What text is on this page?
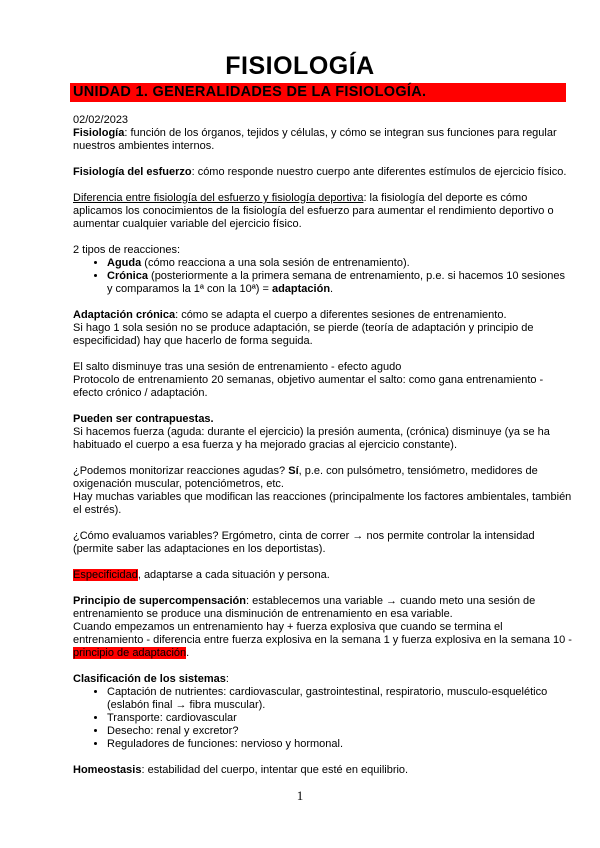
FISIOLOGÍA
UNIDAD 1. GENERALIDADES DE LA FISIOLOGÍA.

02/02/2023

Fisiología: función de los órganos, tejidos y células, y cómo se integran sus funciones para regular nuestros ambientes internos.

Fisiología del esfuerzo: cómo responde nuestro cuerpo ante diferentes estímulos de ejercicio físico.

Diferencia entre fisiología del esfuerzo y fisiología deportiva: la fisiología del deporte es cómo aplicamos los conocimientos de la fisiología del esfuerzo para aumentar el rendimiento deportivo o aumentar cualquier variable del ejercicio físico.

2 tipos de reacciones:

• Aguda (cómo reacciona a una sola sesión de entrenamiento).
• Crónica (posteriormente a la primera semana de entrenamiento, p.e. si hacemos 10 sesiones y comparamos la 1ª con la 10ª) = adaptación.

Adaptación crónica: cómo se adapta el cuerpo a diferentes sesiones de entrenamiento.
Si hago 1 sola sesión no se produce adaptación, se pierde (teoría de adaptación y principio de especificidad) hay que hacerlo de forma seguida.

El salto disminuye tras una sesión de entrenamiento - efecto agudo
Protocolo de entrenamiento 20 semanas, objetivo aumentar el salto: como gana entrenamiento - efecto crónico / adaptación.

Pueden ser contrapuestas.
Si hacemos fuerza (aguda: durante el ejercicio) la presión aumenta, (crónica) disminuye (ya se ha habituado el cuerpo a esa fuerza y ha mejorado gracias al ejercicio constante).

¿Podemos monitorizar reacciones agudas? Sí, p.e. con pulsómetro, tensiómetro, medidores de oxigenación muscular, potenciómetros, etc.
Hay muchas variables que modifican las reacciones (principalmente los factores ambientales, también el estrés).

¿Cómo evaluamos variables? Ergómetro, cinta de correr → nos permite controlar la intensidad (permite saber las adaptaciones en los deportistas).

Especificidad, adaptarse a cada situación y persona.

Principio de supercompensación: establecemos una variable → cuando meto una sesión de entrenamiento se produce una disminución de entrenamiento en esa variable.
Cuando empezamos un entrenamiento hay + fuerza explosiva que cuando se termina el entrenamiento - diferencia entre fuerza explosiva en la semana 1 y fuerza explosiva en la semana 10 - principio de adaptación.

Clasificación de los sistemas:

• Captación de nutrientes: cardiovascular, gastrointestinal, respiratorio, musculo-esquelético (eslabón final → fibra muscular).
• Transporte: cardiovascular
• Desecho: renal y excretor?
• Reguladores de funciones: nervioso y hormonal.

Homeostasis: estabilidad del cuerpo, intentar que esté en equilibrio.

1
